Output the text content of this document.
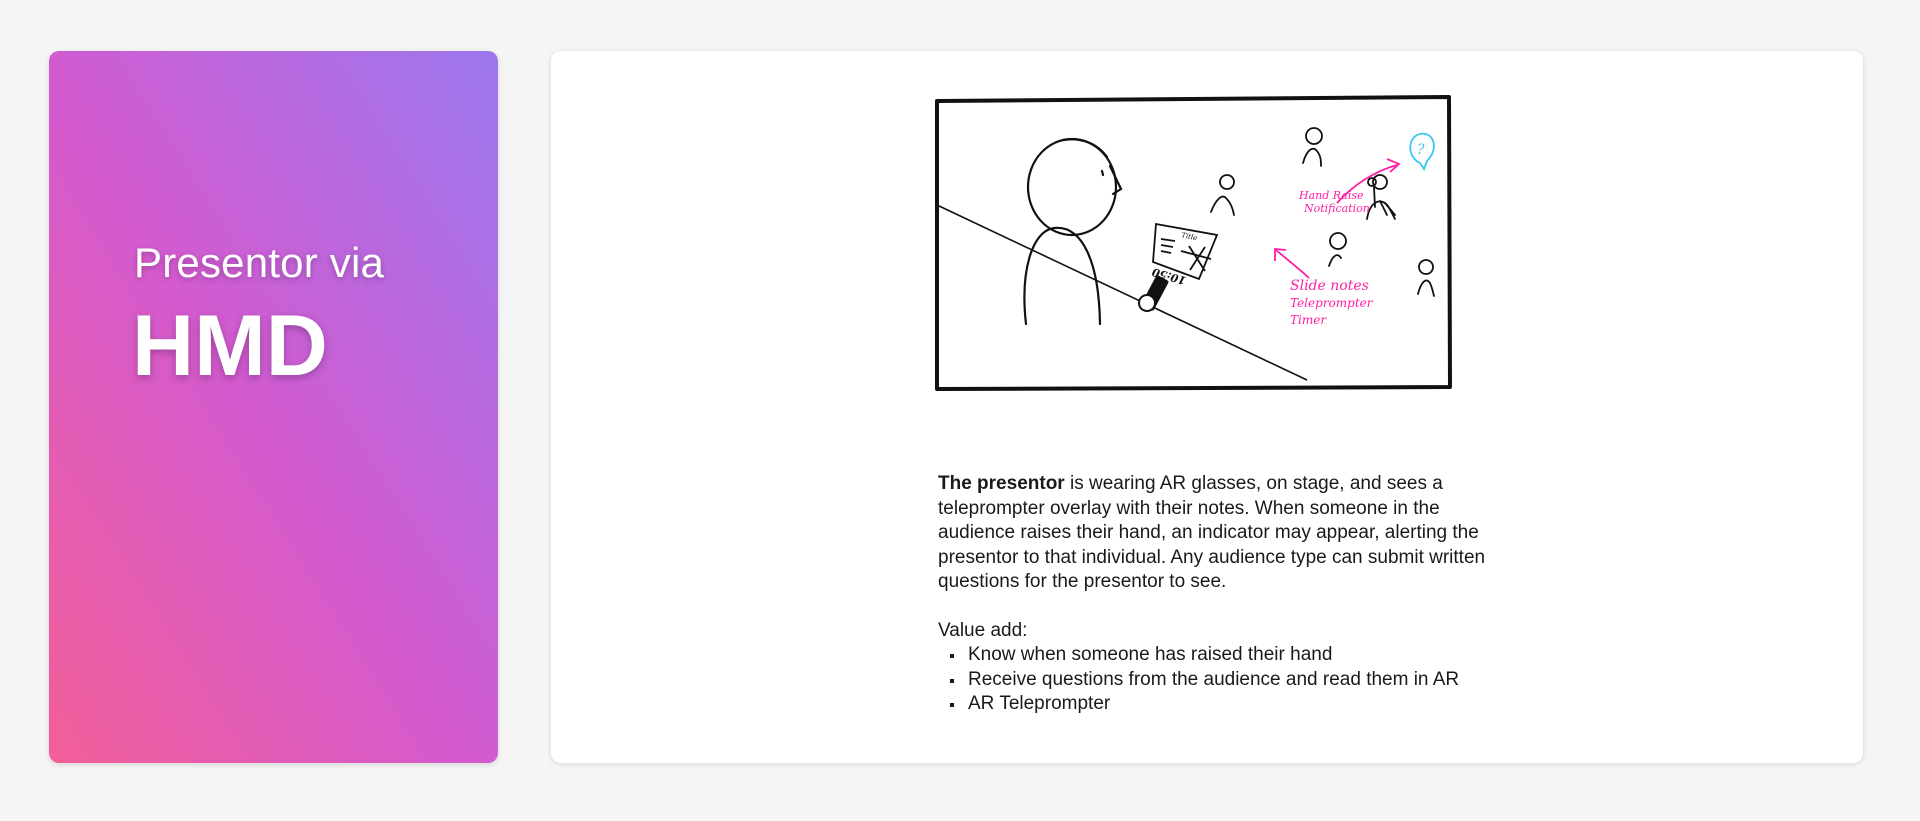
Presentor via
HMD
Title
10:50
?
Hand Raise
Notification
Slide notes
Teleprompter
Timer

The presentor is wearing AR glasses, on stage, and sees a teleprompter overlay with their notes. When someone in the audience raises their hand, an indicator may appear, alerting the presentor to that individual. Any audience type can submit written questions for the presentor to see.

Value add:

Know when someone has raised their hand
Receive questions from the audience and read them in AR
AR Teleprompter
